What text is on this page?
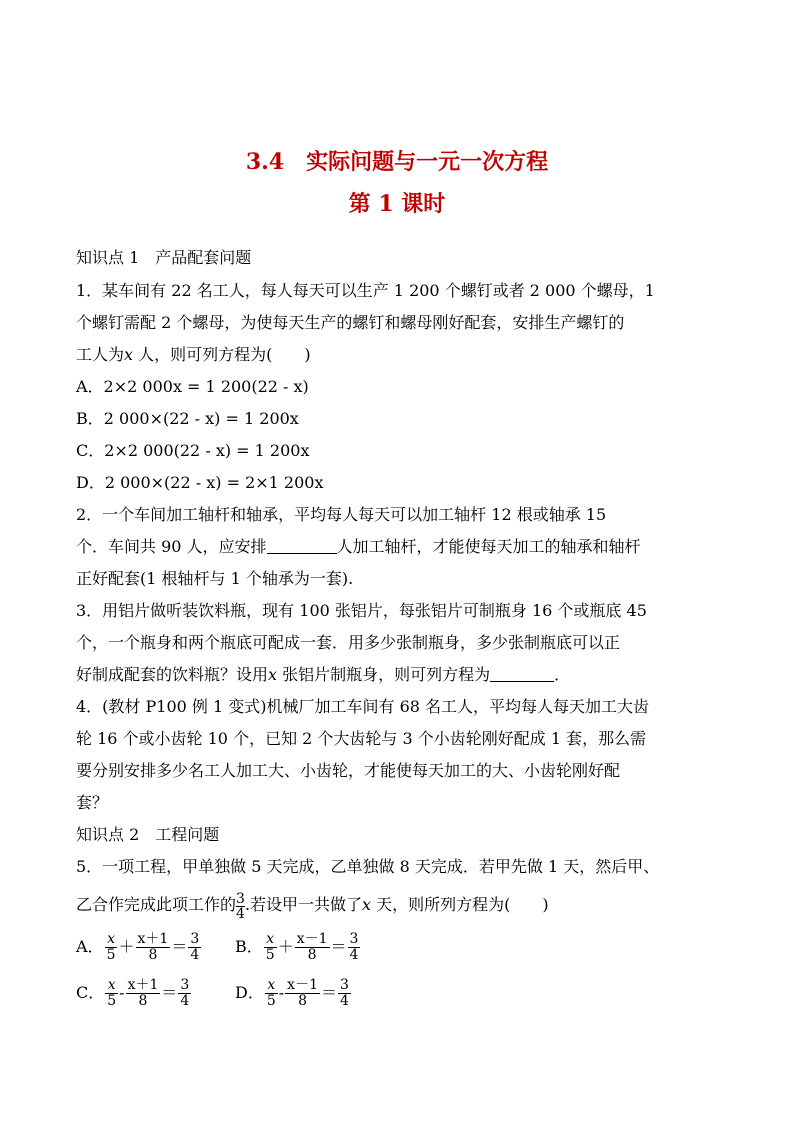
3.4 实际问题与一元一次方程
第 1 课时
知识点 1　产品配套问题
1．某车间有 22 名工人，每人每天可以生产 1 200 个螺钉或者 2 000 个螺母，1
个螺钉需配 2 个螺母，为使每天生产的螺钉和螺母刚好配套，安排生产螺钉的
工人为x 人，则可列方程为(　　)
A．2×2 000x = 1 200(22 - x)
B．2 000×(22 - x) = 1 200x
C．2×2 000(22 - x) = 1 200x
D．2 000×(22 - x) = 2×1 200x
2．一个车间加工轴杆和轴承，平均每人每天可以加工轴杆 12 根或轴承 15
个．车间共 90 人，应安排	人加工轴杆，才能使每天加工的轴承和轴杆
正好配套(1 根轴杆与 1 个轴承为一套).
3．用铝片做听装饮料瓶，现有 100 张铝片，每张铝片可制瓶身 16 个或瓶底 45
个，一个瓶身和两个瓶底可配成一套．用多少张制瓶身，多少张制瓶底可以正
好制成配套的饮料瓶？设用x 张铝片制瓶身，则可列方程为	．
4．(教材 P100 例 1 变式)机械厂加工车间有 68 名工人，平均每人每天加工大齿
轮 16 个或小齿轮 10 个，已知 2 个大齿轮与 3 个小齿轮刚好配成 1 套，那么需
要分别安排多少名工人加工大、小齿轮，才能使每天加工的大、小齿轮刚好配
套？
知识点 2　工程问题
5．一项工程，甲单独做 5 天完成，乙单独做 8 天完成．若甲先做 1 天，然后甲、
乙合作完成此项工作的 $\frac{3}{4}$ .若设甲一共做了x 天，则所列方程为(　　)
A． $\frac{x}{5} + \frac{x+1}{8} = \frac{3}{4}$ B． $\frac{x}{5} + \frac{x-1}{8} = \frac{3}{4}$
C． $\frac{x}{5} - \frac{x+1}{8} = \frac{3}{4}$	D． $\frac{x}{5} - \frac{x-1}{8} = \frac{3}{4}$
